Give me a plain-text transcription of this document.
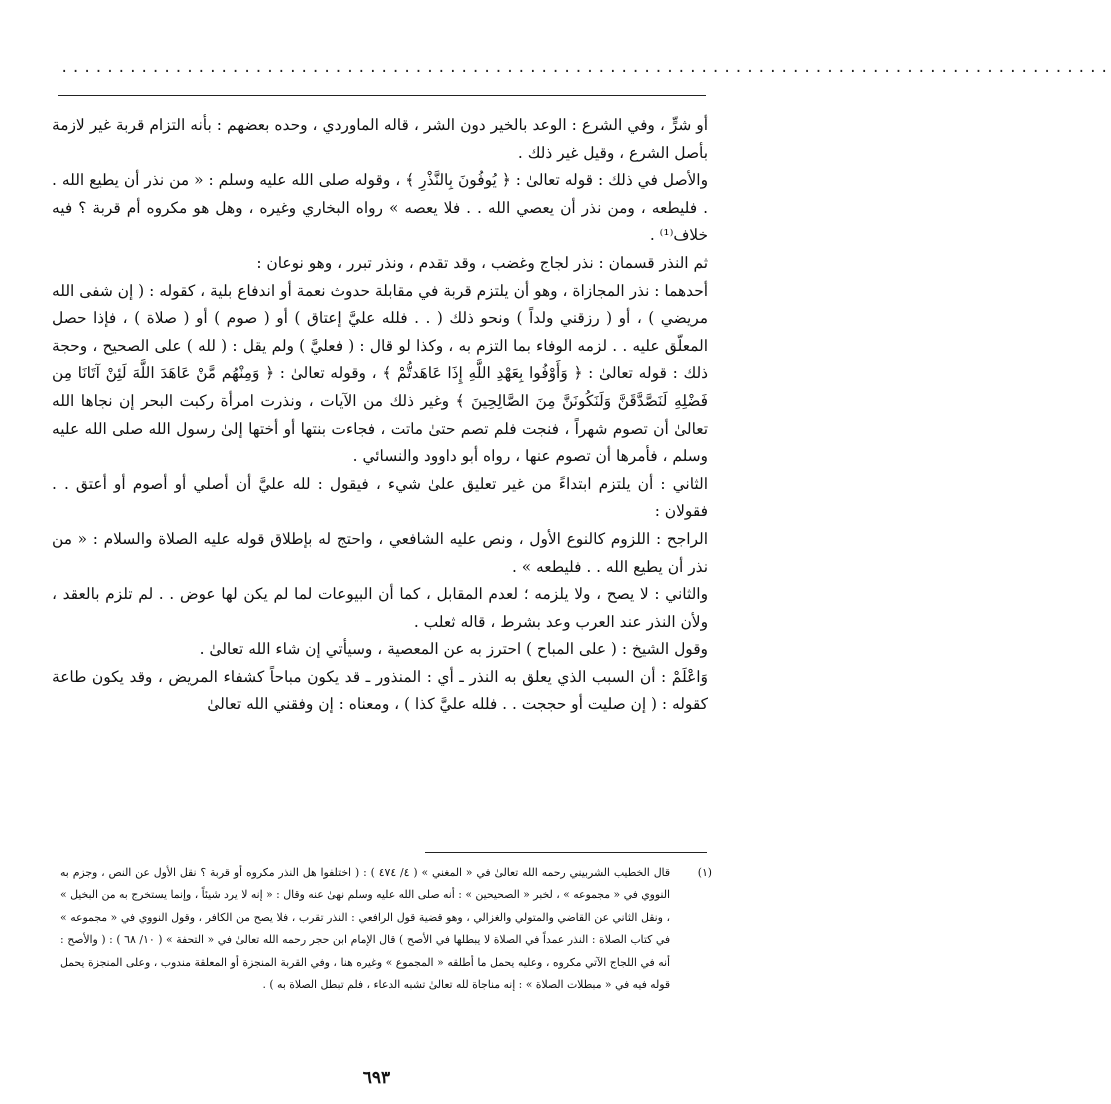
............................................................................................

أو شرٍّ ، وفي الشرع : الوعد بالخير دون الشر ، قاله الماوردي ، وحده بعضهم : بأنه التزام قربة غير لازمة بأصل الشرع ، وقيل غير ذلك .

والأصل في ذلك : قوله تعالىٰ : ﴿ يُوفُونَ بِالنَّذْرِ ﴾ ، وقوله صلى الله عليه وسلم : « من نذر أن يطيع الله . . فليطعه ، ومن نذر أن يعصي الله . . فلا يعصه » رواه البخاري وغيره ، وهل هو مكروه أم قربة ؟ فيه خلاف⁽¹⁾ .

ثم النذر قسمان : نذر لجاج وغضب ، وقد تقدم ، ونذر تبرر ، وهو نوعان :

أحدهما : نذر المجازاة ، وهو أن يلتزم قربة في مقابلة حدوث نعمة أو اندفاع بلية ، كقوله : ( إن شفى الله مريضي ) ، أو ( رزقني ولداً ) ونحو ذلك ( . . فلله عليَّ إعتاق ) أو ( صوم ) أو ( صلاة ) ، فإذا حصل المعلّق عليه . . لزمه الوفاء بما التزم به ، وكذا لو قال : ( فعليَّ ) ولم يقل : ( لله ) على الصحيح ، وحجة ذلك : قوله تعالىٰ : ﴿ وَأَوْفُوا بِعَهْدِ اللَّهِ إِذَا عَاهَدتُّمْ ﴾ ، وقوله تعالىٰ : ﴿ وَمِنْهُم مَّنْ عَاهَدَ اللَّهَ لَئِنْ آتَانَا مِن فَضْلِهِ لَنَصَّدَّقَنَّ وَلَنَكُونَنَّ مِنَ الصَّالِحِينَ ﴾ وغير ذلك من الآيات ، ونذرت امرأة ركبت البحر إن نجاها الله تعالىٰ أن تصوم شهراً ، فنجت فلم تصم حتىٰ ماتت ، فجاءت بنتها أو أختها إلىٰ رسول الله صلى الله عليه وسلم ، فأمرها أن تصوم عنها ، رواه أبو داوود والنسائي .

الثاني : أن يلتزم ابتداءً من غير تعليق علىٰ شيء ، فيقول : لله عليَّ أن أصلي أو أصوم أو أعتق . . فقولان :

الراجح : اللزوم كالنوع الأول ، ونص عليه الشافعي ، واحتج له بإطلاق قوله عليه الصلاة والسلام : « من نذر أن يطيع الله . . فليطعه » .

والثاني : لا يصح ، ولا يلزمه ؛ لعدم المقابل ، كما أن البيوعات لما لم يكن لها عوض . . لم تلزم بالعقد ، ولأن النذر عند العرب وعد بشرط ، قاله ثعلب .

وقول الشيخ : ( على المباح ) احترز به عن المعصية ، وسيأتي إن شاء الله تعالىٰ .

وَاعْلَمْ : أن السبب الذي يعلق به النذر ـ أي : المنذور ـ قد يكون مباحاً كشفاء المريض ، وقد يكون طاعة كقوله : ( إن صليت أو حججت . . فلله عليَّ كذا ) ، ومعناه : إن وفقني الله تعالىٰ

(١)
قال الخطيب الشربيني رحمه الله تعالىٰ في « المغني » ( ٤/ ٤٧٤ ) : ( اختلفوا هل النذر مكروه أو قربة ؟ نقل الأول عن النص ، وجزم به النووي في « مجموعه » ، لخبر « الصحيحين » : أنه صلى الله عليه وسلم نهىٰ عنه وقال : « إنه لا يرد شيئاً ، وإنما يستخرج به من البخيل » ، ونقل الثاني عن القاضي والمتولي والغزالي ، وهو قضية قول الرافعي : النذر تقرب ، فلا يصح من الكافر ، وقول النووي في « مجموعه » في كتاب الصلاة : النذر عمداً في الصلاة لا يبطلها في الأصح ) قال الإمام ابن حجر رحمه الله تعالىٰ في « التحفة » ( ١٠/ ٦٨ ) : ( والأصح : أنه في اللجاج الآتي مكروه ، وعليه يحمل ما أطلقه « المجموع » وغيره هنا ، وفي القربة المنجزة أو المعلقة مندوب ، وعلى المنجزة يحمل قوله فيه في « مبطلات الصلاة » : إنه مناجاة لله تعالىٰ تشبه الدعاء ، فلم تبطل الصلاة به ) .
٦٩٣
